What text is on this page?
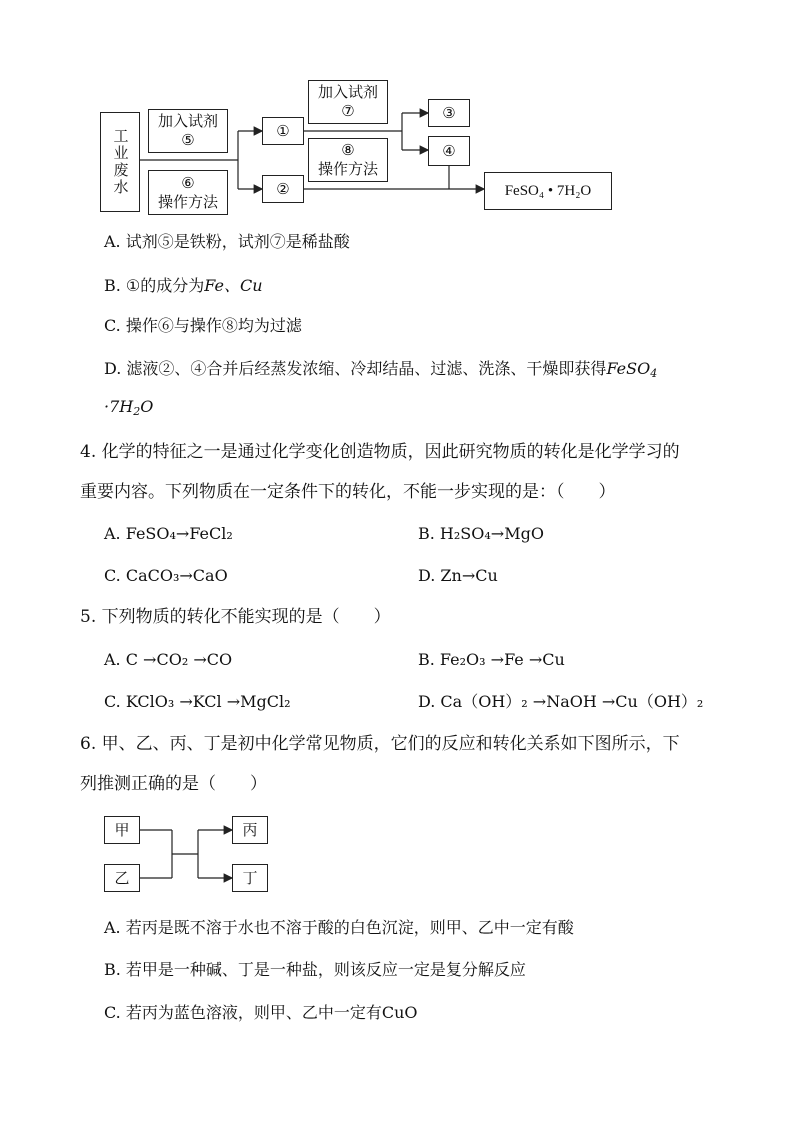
工业废水
加入试剂
⑤
⑥
操作方法
①
②
加入试剂
⑦
⑧
操作方法
③
④
FeSO₄ • 7H₂O
A. 试剂⑤是铁粉，试剂⑦是稀盐酸
B. ①的成分为Fe、Cu
C. 操作⑥与操作⑧均为过滤
D. 滤液②、④合并后经蒸发浓缩、冷却结晶、过滤、洗涤、干燥即获得FeSO$_4$
$\cdot 7H_2O$
4. 化学的特征之一是通过化学变化创造物质，因此研究物质的转化是化学学习的
重要内容。下列物质在一定条件下的转化，不能一步实现的是：（　　）
A. FeSO₄→FeCl₂	B. H₂SO₄→MgO
C. CaCO₃→CaO	D. Zn→Cu
5. 下列物质的转化不能实现的是（　　）
A. C →CO₂ →CO	B. Fe₂O₃ →Fe →Cu
C. KClO₃ →KCl →MgCl₂	D. Ca（OH）₂ →NaOH →Cu（OH）₂
6. 甲、乙、丙、丁是初中化学常见物质，它们的反应和转化关系如下图所示，下
列推测正确的是（　　）
甲
乙
丙
丁
A. 若丙是既不溶于水也不溶于酸的白色沉淀，则甲、乙中一定有酸
B. 若甲是一种碱、丁是一种盐，则该反应一定是复分解反应
C. 若丙为蓝色溶液，则甲、乙中一定有CuO
